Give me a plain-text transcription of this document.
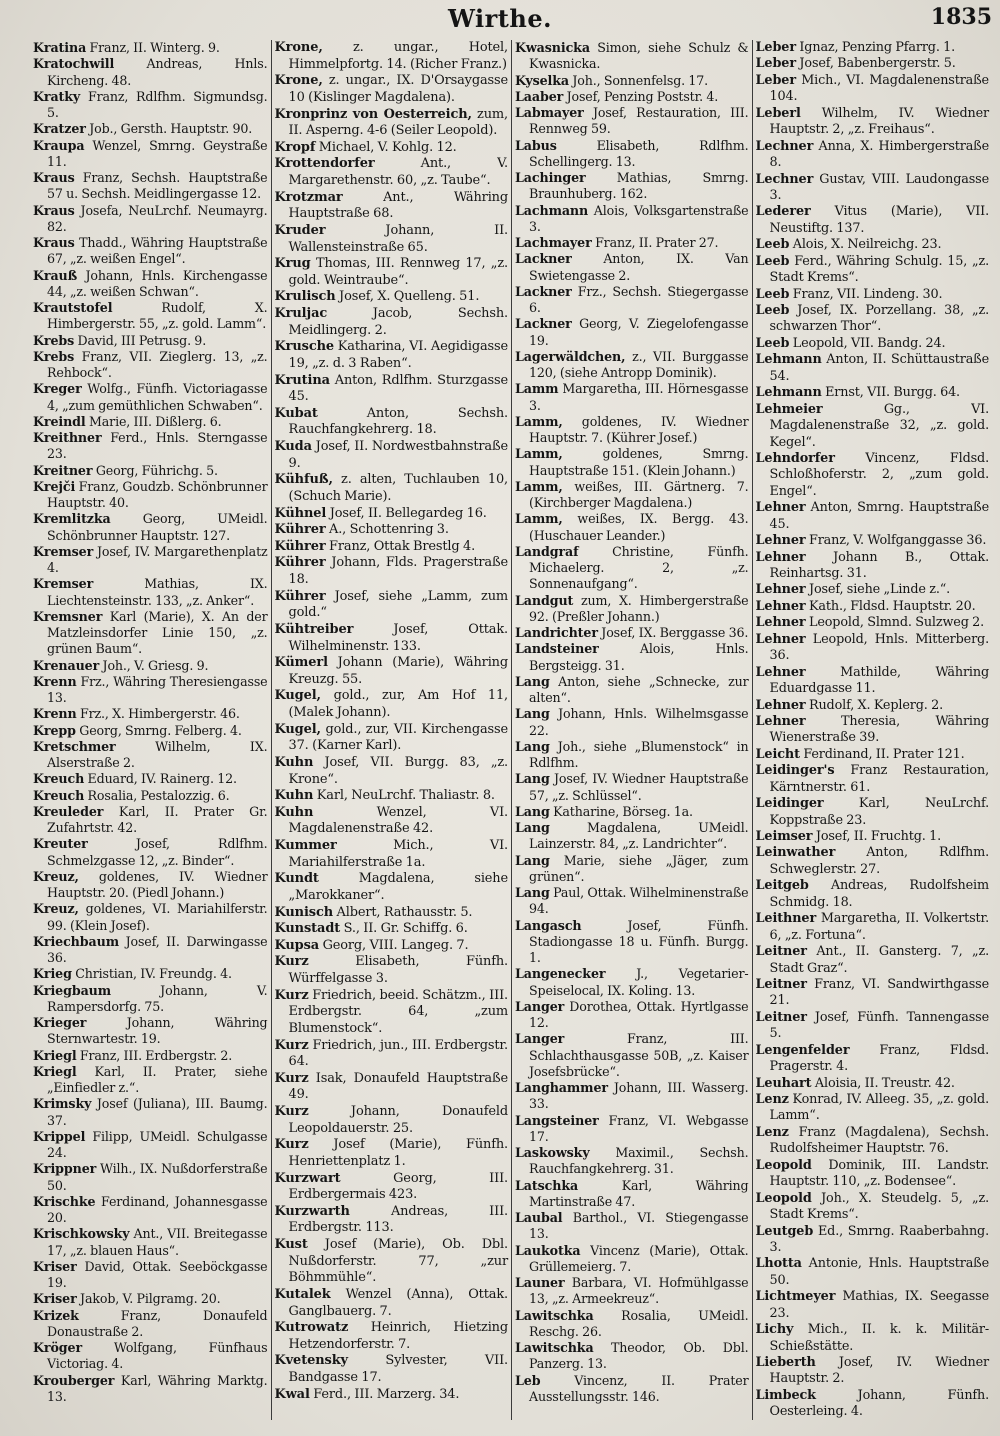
Wirthe.	1835

Kratina Franz, II. Winterg. 9.

Kratochwill	Andreas, Hnls. Kircheng. 48.

Kratky Franz, Rdlfhm. Sigmundsg. 5.

Kratzer Job., Gersth. Hauptstr. 90.

Kraupa Wenzel, Smrng. Geystraße 11.

Kraus Franz, Sechsh. Hauptstraße 57 u. Sechsh. Meidlingergasse 12.

Kraus Josefa, NeuLrchf. Neumayrg. 82.

Kraus Thadd., Währing Hauptstraße 67, „z. weißen Engel“.

Krauß Johann, Hnls. Kirchengasse 44, „z. weißen Schwan“.

Krautstofel	Rudolf, X. Himbergerstr. 55, „z. gold. Lamm“.

Krebs David, III Petrusg. 9.

Krebs Franz, VII. Zieglerg. 13, „z. Rehbock“.

Kreger Wolfg., Fünfh. Victoriagasse 4, „zum gemüthlichen Schwaben“.

Kreindl Marie, III. Dißlerg. 6.

Kreithner Ferd., Hnls. Sterngasse 23.

Kreitner Georg, Führichg. 5.

Krejči Franz, Goudzb. Schönbrunner Hauptstr. 40.

Kremlitzka	Georg, UMeidl. Schönbrunner Hauptstr. 127.

Kremser Josef, IV. Margarethenplatz 4.

Kremser	Mathias, IX. Liechtensteinstr. 133, „z. Anker“.

Kremsner Karl (Marie), X. An der Matzleinsdorfer Linie 150, „z. grünen Baum“.

Krenauer Joh., V. Griesg. 9.

Krenn Frz., Währing Theresiengasse 13.

Krenn Frz., X. Himbergerstr. 46.

Krepp Georg, Smrng. Felberg. 4.

Kretschmer	Wilhelm, IX. Alserstraße 2.

Kreuch Eduard, IV. Rainerg. 12.

Kreuch Rosalia, Pestalozzig. 6.

Kreuleder Karl, II. Prater Gr. Zufahrtstr. 42.

Kreuter	Josef, Rdlfhm. Schmelzgasse 12, „z. Binder“.

Kreuz, goldenes, IV. Wiedner Hauptstr. 20. (Piedl Johann.)

Kreuz, goldenes, VI. Mariahilferstr. 99. (Klein Josef).

Kriechbaum Josef, II. Darwingasse 36.

Krieg Christian, IV. Freundg. 4.

Kriegbaum	Johann, V. Rampersdorfg. 75.

Krieger	Johann, Währing Sternwartestr. 19.

Kriegl Franz, III. Erdbergstr. 2.

Kriegl Karl, II. Prater, siehe „Einfiedler z.“.

Krimsky Josef (Juliana), III. Baumg. 37.

Krippel Filipp, UMeidl. Schulgasse 24.

Krippner Wilh., IX. Nußdorferstraße 50.

Krischke Ferdinand, Johannesgasse 20.

Krischkowsky Ant., VII. Breitegasse 17, „z. blauen Haus“.

Kriser David, Ottak. Seeböckgasse 19.

Kriser Jakob, V. Pilgramg. 20.

Krizek	Franz, Donaufeld Donaustraße 2.

Kröger	Wolfgang, Fünfhaus Victoriag. 4.

Krouberger Karl, Währing Marktg. 13.

Krone, z. ungar., Hotel, Himmelpfortg. 14. (Richer Franz.)

Krone, z. ungar., IX. D'Orsaygasse 10 (Kislinger Magdalena).

Kronprinz von Oesterreich, zum, II. Asperng. 4-6 (Seiler Leopold).

Kropf Michael, V. Kohlg. 12.

Krottendorfer	Ant., V. Margarethenstr. 60, „z. Taube“.

Krotzmar	Ant., Währing Hauptstraße 68.

Kruder	Johann, II. Wallensteinstraße 65.

Krug Thomas, III. Rennweg 17, „z. gold. Weintraube“.

Krulisch Josef, X. Quelleng. 51.

Kruljac	Jacob, Sechsh. Meidlingerg. 2.

Krusche Katharina, VI. Aegidigasse 19, „z. d. 3 Raben“.

Krutina Anton, Rdlfhm. Sturzgasse 45.

Kubat	Anton, Sechsh. Rauchfangkehrerg. 18.

Kuda Josef, II. Nordwestbahnstraße 9.

Kühfuß, z. alten, Tuchlauben 10, (Schuch Marie).

Kühnel Josef, II. Bellegardeg 16.

Kührer A., Schottenring 3.

Kührer Franz, Ottak Brestlg 4.

Kührer Johann, Flds. Pragerstraße 18.

Kührer Josef, siehe „Lamm, zum gold.“

Kühtreiber	Josef, Ottak. Wilhelminenstr. 133.

Kümerl Johann (Marie), Währing Kreuzg. 55.

Kugel, gold., zur, Am Hof 11, (Malek Johann).

Kugel, gold., zur, VII. Kirchengasse 37. (Karner Karl).

Kuhn Josef, VII. Burgg. 83, „z. Krone“.

Kuhn Karl, NeuLrchf. Thaliastr. 8.

Kuhn	Wenzel, VI. Magdalenenstraße 42.

Kummer	Mich., VI. Mariahilferstraße 1a.

Kundt	Magdalena, siehe „Marokkaner“.

Kunisch Albert, Rathausstr. 5.

Kunstadt S., II. Gr. Schiffg. 6.

Kupsa Georg, VIII. Langeg. 7.

Kurz	Elisabeth, Fünfh. Würffelgasse 3.

Kurz Friedrich, beeid. Schätzm., III. Erdbergstr. 64, „zum Blumenstock“.

Kurz Friedrich, jun., III. Erdbergstr. 64.

Kurz Isak, Donaufeld Hauptstraße 49.

Kurz	Johann, Donaufeld Leopoldauerstr. 25.

Kurz Josef (Marie), Fünfh. Henriettenplatz 1.

Kurzwart	Georg, III. Erdbergermais 423.

Kurzwarth	Andreas, III. Erdbergstr. 113.

Kust Josef (Marie), Ob. Dbl. Nußdorferstr. 77, „zur Böhmmühle“.

Kutalek Wenzel (Anna), Ottak. Ganglbauerg. 7.

Kutrowatz Heinrich, Hietzing Hetzendorferstr. 7.

Kvetensky	Sylvester, VII. Bandgasse 17.

Kwal Ferd., III. Marzerg. 34.

Kwasnicka Simon, siehe Schulz & Kwasnicka.

Kyselka Joh., Sonnenfelsg. 17.

Laaber Josef, Penzing Poststr. 4.

Labmayer Josef, Restauration, III. Rennweg 59.

Labus	Elisabeth, Rdlfhm. Schellingerg. 13.

Lachinger Mathias, Smrng. Braunhuberg. 162.

Lachmann Alois, Volksgartenstraße 3.

Lachmayer Franz, II. Prater 27.

Lackner Anton, IX. Van Swietengasse 2.

Lackner Frz., Sechsh. Stiegergasse 6.

Lackner Georg, V. Ziegelofengasse 19.

Lagerwäldchen, z., VII. Burggasse 120, (siehe Antropp Dominik).

Lamm Margaretha, III. Hörnesgasse 3.

Lamm, goldenes, IV. Wiedner Hauptstr. 7. (Kührer Josef.)

Lamm,	goldenes, Smrng. Hauptstraße 151. (Klein Johann.)

Lamm, weißes, III. Gärtnerg. 7. (Kirchberger Magdalena.)

Lamm, weißes, IX. Bergg. 43. (Huschauer Leander.)

Landgraf	Christine, Fünfh. Michaelerg. 2, „z. Sonnenaufgang“.

Landgut zum, X. Himbergerstraße 92. (Preßler Johann.)

Landrichter Josef, IX. Berggasse 36.

Landsteiner	Alois, Hnls. Bergsteigg. 31.

Lang Anton, siehe „Schnecke, zur alten“.

Lang Johann, Hnls. Wilhelmsgasse 22.

Lang Joh., siehe „Blumenstock“ in Rdlfhm.

Lang Josef, IV. Wiedner Hauptstraße 57, „z. Schlüssel“.

Lang Katharine, Börseg. 1a.

Lang	Magdalena, UMeidl. Lainzerstr. 84, „z. Landrichter“.

Lang Marie, siehe „Jäger, zum grünen“.

Lang Paul, Ottak. Wilhelminenstraße 94.

Langasch	Josef, Fünfh. Stadiongasse 18 u. Fünfh. Burgg. 1.

Langenecker J., Vegetarier-Speiselocal, IX. Koling. 13.

Langer Dorothea, Ottak. Hyrtlgasse 12.

Langer	Franz, III. Schlachthausgasse 50B, „z. Kaiser Josefsbrücke“.

Langhammer Johann, III. Wasserg. 33.

Langsteiner Franz, VI. Webgasse 17.

Laskowsky Maximil., Sechsh. Rauchfangkehrerg. 31.

Latschka	Karl, Währing Martinstraße 47.

Laubal Barthol., VI. Stiegengasse 13.

Laukotka Vincenz (Marie), Ottak. Grüllemeierg. 7.

Launer Barbara, VI. Hofmühlgasse 13, „z. Armeekreuz“.

Lawitschka Rosalia, UMeidl. Reschg. 26.

Lawitschka Theodor, Ob. Dbl. Panzerg. 13.

Leb	Vincenz, II. Prater Ausstellungsstr. 146.

Leber Ignaz, Penzing Pfarrg. 1.

Leber Josef, Babenbergerstr. 5.

Leber Mich., VI. Magdalenenstraße 104.

Leberl Wilhelm, IV. Wiedner Hauptstr. 2, „z. Freihaus“.

Lechner Anna, X. Himbergerstraße 8.

Lechner Gustav, VIII. Laudongasse 3.

Lederer Vitus (Marie), VII. Neustiftg. 137.

Leeb Alois, X. Neilreichg. 23.

Leeb Ferd., Währing Schulg. 15, „z. Stadt Krems“.

Leeb Franz, VII. Lindeng. 30.

Leeb Josef, IX. Porzellang. 38, „z. schwarzen Thor“.

Leeb Leopold, VII. Bandg. 24.

Lehmann Anton, II. Schüttaustraße 54.

Lehmann Ernst, VII. Burgg. 64.

Lehmeier	Gg., VI. Magdalenenstraße 32, „z. gold. Kegel“.

Lehndorfer Vincenz, Fldsd. Schloßhoferstr. 2, „zum gold. Engel“.

Lehner Anton, Smrng. Hauptstraße 45.

Lehner Franz, V. Wolfganggasse 36.

Lehner Johann B., Ottak. Reinhartsg. 31.

Lehner Josef, siehe „Linde z.“.

Lehner Kath., Fldsd. Hauptstr. 20.

Lehner Leopold, Slmnd. Sulzweg 2.

Lehner Leopold, Hnls. Mitterberg. 36.

Lehner	Mathilde, Währing Eduardgasse 11.

Lehner Rudolf, X. Keplerg. 2.

Lehner	Theresia, Währing Wienerstraße 39.

Leicht Ferdinand, II. Prater 121.

Leidinger's Franz Restauration, Kärntnerstr. 61.

Leidinger	Karl, NeuLrchf. Koppstraße 23.

Leimser Josef, II. Fruchtg. 1.

Leinwather Anton, Rdlfhm. Schweglerstr. 27.

Leitgeb Andreas, Rudolfsheim Schmidg. 18.

Leithner Margaretha, II. Volkertstr. 6, „z. Fortuna“.

Leitner Ant., II. Gansterg. 7, „z. Stadt Graz“.

Leitner Franz, VI. Sandwirthgasse 21.

Leitner Josef, Fünfh. Tannengasse 5.

Lengenfelder Franz, Fldsd. Pragerstr. 4.

Leuhart Aloisia, II. Treustr. 42.

Lenz Konrad, IV. Alleeg. 35, „z. gold. Lamm“.

Lenz Franz (Magdalena), Sechsh. Rudolfsheimer Hauptstr. 76.

Leopold Dominik, III. Landstr. Hauptstr. 110, „z. Bodensee“.

Leopold Joh., X. Steudelg. 5, „z. Stadt Krems“.

Leutgeb Ed., Smrng. Raaberbahng. 3.

Lhotta Antonie, Hnls. Hauptstraße 50.

Lichtmeyer Mathias, IX. Seegasse 23.

Lichy Mich., II. k. k. Militär-Schießstätte.

Lieberth Josef, IV. Wiedner Hauptstr. 2.

Limbeck	Johann, Fünfh. Oesterleing. 4.
